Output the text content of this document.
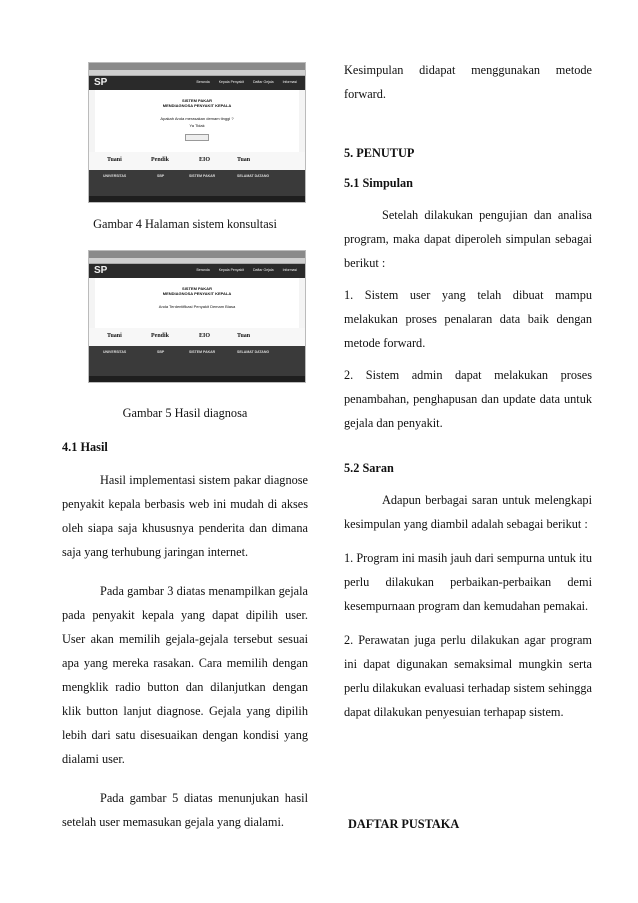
SP	Beranda	Kepala Penyakit	Daftar Gejala	Informasi
SISTEM PAKAR
MENDIAGNOSA PENYAKIT KEPALA
Apakah Anda merasakan demam tinggi ?
Ya Tidak
Tuani	Pendik	EIO	Tuan
UNIVERSITAS	SBP	SISTEM PAKAR	SELAMAT DATANG
Gambar 4 Halaman sistem konsultasi
SP	Beranda	Kepala Penyakit	Daftar Gejala	Informasi
SISTEM PAKAR
MENDIAGNOSA PENYAKIT KEPALA
Anda Terdentifikasi Penyakit Demam Biasa
Tuani	Pendik	EIO	Tuan
UNIVERSITAS	SBP	SISTEM PAKAR	SELAMAT DATANG
Gambar 5 Hasil diagnosa
4.1 Hasil

Hasil implementasi sistem pakar diagnose penyakit kepala berbasis web ini mudah di akses oleh siapa saja khususnya penderita dan dimana saja yang terhubung jaringan internet.

Pada gambar 3 diatas menampilkan gejala pada penyakit kepala yang dapat dipilih user. User akan memilih gejala-gejala tersebut sesuai apa yang mereka rasakan. Cara memilih dengan mengklik radio button dan dilanjutkan dengan klik button lanjut diagnose. Gejala yang dipilih lebih dari satu disesuaikan dengan kondisi yang dialami user.

Pada gambar 5 diatas menunjukan hasil setelah user memasukan gejala yang dialami.

Kesimpulan didapat menggunakan metode forward.

5. PENUTUP
5.1 Simpulan

Setelah dilakukan pengujian dan analisa program, maka dapat diperoleh simpulan sebagai berikut :

1. Sistem user yang telah dibuat mampu melakukan proses penalaran data baik dengan metode forward.

2. Sistem admin dapat melakukan proses penambahan, penghapusan dan update data untuk gejala dan penyakit.

5.2 Saran

Adapun berbagai saran untuk melengkapi kesimpulan yang diambil adalah sebagai berikut :

1. Program ini masih jauh dari sempurna untuk itu perlu dilakukan perbaikan-perbaikan demi kesempurnaan program dan kemudahan pemakai.

2. Perawatan juga perlu dilakukan agar program ini dapat digunakan semaksimal mungkin serta perlu dilakukan evaluasi terhadap sistem sehingga dapat dilakukan penyesuian terhapap sistem.

DAFTAR PUSTAKA
